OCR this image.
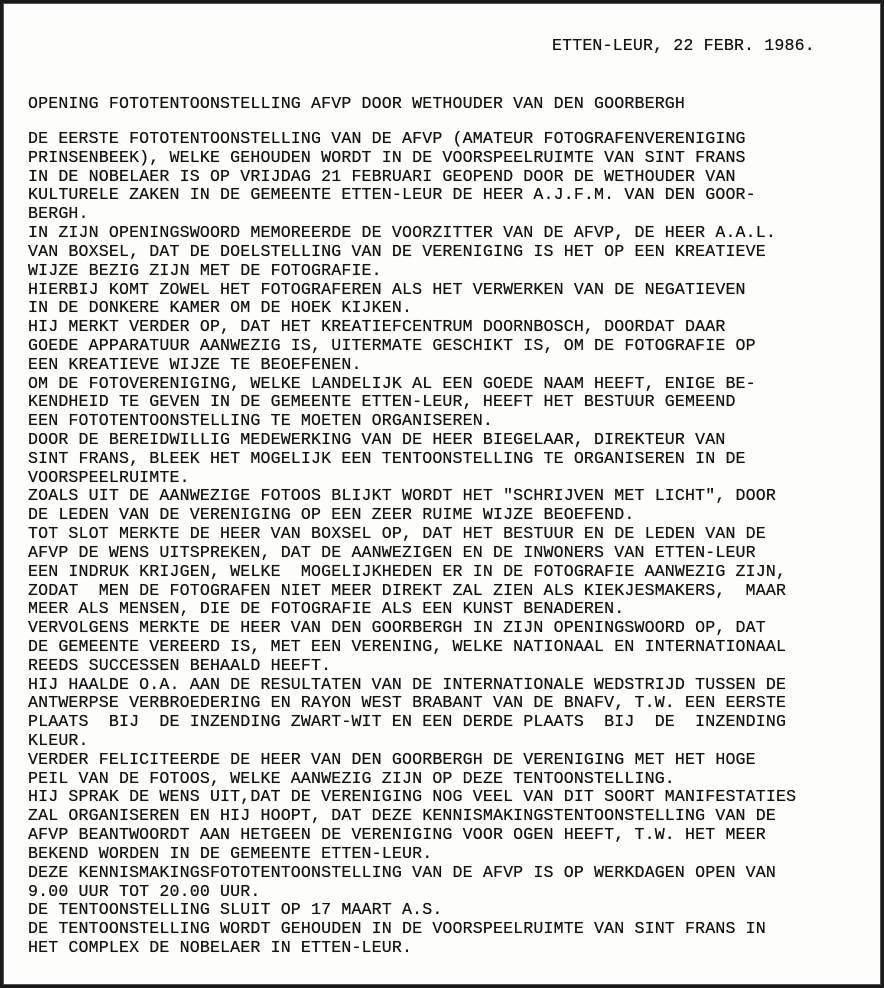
ETTEN-LEUR, 22 FEBR. 1986.
OPENING FOTOTENTOONSTELLING AFVP DOOR WETHOUDER VAN DEN GOORBERGH
DE EERSTE FOTOTENTOONSTELLING VAN DE AFVP (AMATEUR FOTOGRAFENVERENIGING
PRINSENBEEK), WELKE GEHOUDEN WORDT IN DE VOORSPEELRUIMTE VAN SINT FRANS
IN DE NOBELAER IS OP VRIJDAG 21 FEBRUARI GEOPEND DOOR DE WETHOUDER VAN
KULTURELE ZAKEN IN DE GEMEENTE ETTEN-LEUR DE HEER A.J.F.M. VAN DEN GOOR-
BERGH.
IN ZIJN OPENINGSWOORD MEMOREERDE DE VOORZITTER VAN DE AFVP, DE HEER A.A.L.
VAN BOXSEL, DAT DE DOELSTELLING VAN DE VERENIGING IS HET OP EEN KREATIEVE
WIJZE BEZIG ZIJN MET DE FOTOGRAFIE.
HIERBIJ KOMT ZOWEL HET FOTOGRAFEREN ALS HET VERWERKEN VAN DE NEGATIEVEN
IN DE DONKERE KAMER OM DE HOEK KIJKEN.
HIJ MERKT VERDER OP, DAT HET KREATIEFCENTRUM DOORNBOSCH, DOORDAT DAAR
GOEDE APPARATUUR AANWEZIG IS, UITERMATE GESCHIKT IS, OM DE FOTOGRAFIE OP
EEN KREATIEVE WIJZE TE BEOEFENEN.
OM DE FOTOVERENIGING, WELKE LANDELIJK AL EEN GOEDE NAAM HEEFT, ENIGE BE-
KENDHEID TE GEVEN IN DE GEMEENTE ETTEN-LEUR, HEEFT HET BESTUUR GEMEEND
EEN FOTOTENTOONSTELLING TE MOETEN ORGANISEREN.
DOOR DE BEREIDWILLIG MEDEWERKING VAN DE HEER BIEGELAAR, DIREKTEUR VAN
SINT FRANS, BLEEK HET MOGELIJK EEN TENTOONSTELLING TE ORGANISEREN IN DE
VOORSPEELRUIMTE.
ZOALS UIT DE AANWEZIGE FOTOOS BLIJKT WORDT HET "SCHRIJVEN MET LICHT", DOOR
DE LEDEN VAN DE VERENIGING OP EEN ZEER RUIME WIJZE BEOEFEND.
TOT SLOT MERKTE DE HEER VAN BOXSEL OP, DAT HET BESTUUR EN DE LEDEN VAN DE
AFVP DE WENS UITSPREKEN, DAT DE AANWEZIGEN EN DE INWONERS VAN ETTEN-LEUR
EEN INDRUK KRIJGEN, WELKE  MOGELIJKHEDEN ER IN DE FOTOGRAFIE AANWEZIG ZIJN,
ZODAT  MEN DE FOTOGRAFEN NIET MEER DIREKT ZAL ZIEN ALS KIEKJESMAKERS,  MAAR
MEER ALS MENSEN, DIE DE FOTOGRAFIE ALS EEN KUNST BENADEREN.
VERVOLGENS MERKTE DE HEER VAN DEN GOORBERGH IN ZIJN OPENINGSWOORD OP, DAT
DE GEMEENTE VEREERD IS, MET EEN VERENING, WELKE NATIONAAL EN INTERNATIONAAL
REEDS SUCCESSEN BEHAALD HEEFT.
HIJ HAALDE O.A. AAN DE RESULTATEN VAN DE INTERNATIONALE WEDSTRIJD TUSSEN DE
ANTWERPSE VERBROEDERING EN RAYON WEST BRABANT VAN DE BNAFV, T.W. EEN EERSTE
PLAATS  BIJ  DE INZENDING ZWART-WIT EN EEN DERDE PLAATS  BIJ  DE  INZENDING
KLEUR.
VERDER FELICITEERDE DE HEER VAN DEN GOORBERGH DE VERENIGING MET HET HOGE
PEIL VAN DE FOTOOS, WELKE AANWEZIG ZIJN OP DEZE TENTOONSTELLING.
HIJ SPRAK DE WENS UIT,DAT DE VERENIGING NOG VEEL VAN DIT SOORT MANIFESTATIES
ZAL ORGANISEREN EN HIJ HOOPT, DAT DEZE KENNISMAKINGSTENTOONSTELLING VAN DE
AFVP BEANTWOORDT AAN HETGEEN DE VERENIGING VOOR OGEN HEEFT, T.W. HET MEER
BEKEND WORDEN IN DE GEMEENTE ETTEN-LEUR.
DEZE KENNISMAKINGSFOTOTENTOONSTELLING VAN DE AFVP IS OP WERKDAGEN OPEN VAN
9.00 UUR TOT 20.00 UUR.
DE TENTOONSTELLING SLUIT OP 17 MAART A.S.
DE TENTOONSTELLING WORDT GEHOUDEN IN DE VOORSPEELRUIMTE VAN SINT FRANS IN
HET COMPLEX DE NOBELAER IN ETTEN-LEUR.
